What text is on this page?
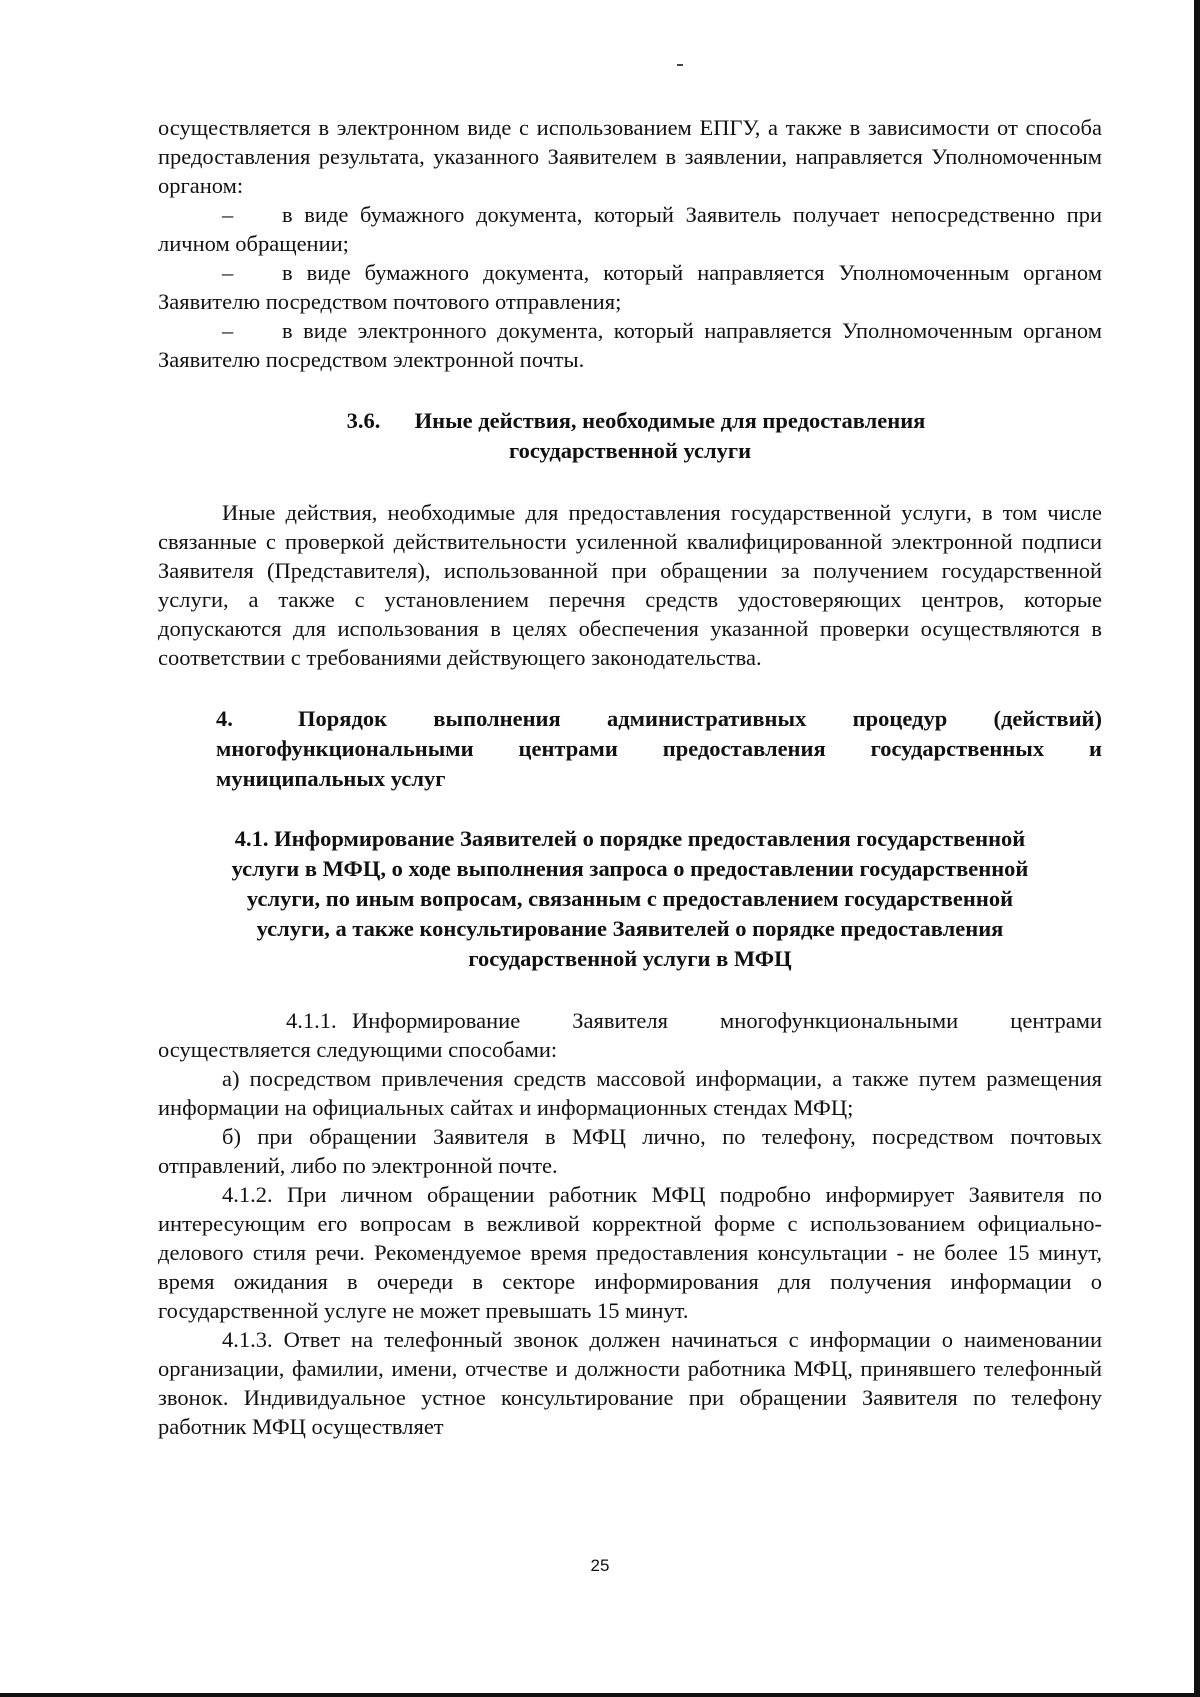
осуществляется в электронном виде с использованием ЕПГУ, а также в зависимости от способа предоставления результата, указанного Заявителем в заявлении, направляется Уполномоченным органом:

– в виде бумажного документа, который Заявитель получает непосредственно при личном обращении;

– в виде бумажного документа, который направляется Уполномоченным органом Заявителю посредством почтового отправления;

– в виде электронного документа, который направляется Уполномоченным органом Заявителю посредством электронной почты.

3.6. Иные действия, необходимые для предоставления
государственной услуги

Иные действия, необходимые для предоставления государственной услуги, в том числе связанные с проверкой действительности усиленной квалифицированной электронной подписи Заявителя (Представителя), использованной при обращении за получением государственной услуги, а также с установлением перечня средств удостоверяющих центров, которые допускаются для использования в целях обеспечения указанной проверки осуществляются в соответствии с требованиями действующего законодательства.

4.	Порядок выполнения административных процедур (действий) многофункциональными центрами предоставления государственных и муниципальных услуг
4.1. Информирование Заявителей о порядке предоставления государственной услуги в МФЦ, о ходе выполнения запроса о предоставлении государственной услуги, по иным вопросам, связанным с предоставлением государственной услуги, а также консультирование Заявителей о порядке предоставления государственной услуги в МФЦ

4.1.1. Информирование Заявителя многофункциональными центрами осуществляется следующими способами:

а) посредством привлечения средств массовой информации, а также путем размещения информации на официальных сайтах и информационных стендах МФЦ;

б) при обращении Заявителя в МФЦ лично, по телефону, посредством почтовых отправлений, либо по электронной почте.

4.1.2. При личном обращении работник МФЦ подробно информирует Заявителя по интересующим его вопросам в вежливой корректной форме с использованием официально-делового стиля речи. Рекомендуемое время предоставления консультации - не более 15 минут, время ожидания в очереди в секторе информирования для получения информации о государственной услуге не может превышать 15 минут.

4.1.3. Ответ на телефонный звонок должен начинаться с информации о наименовании организации, фамилии, имени, отчестве и должности работника МФЦ, принявшего телефонный звонок. Индивидуальное устное консультирование при обращении Заявителя по телефону работник МФЦ осуществляет

25
